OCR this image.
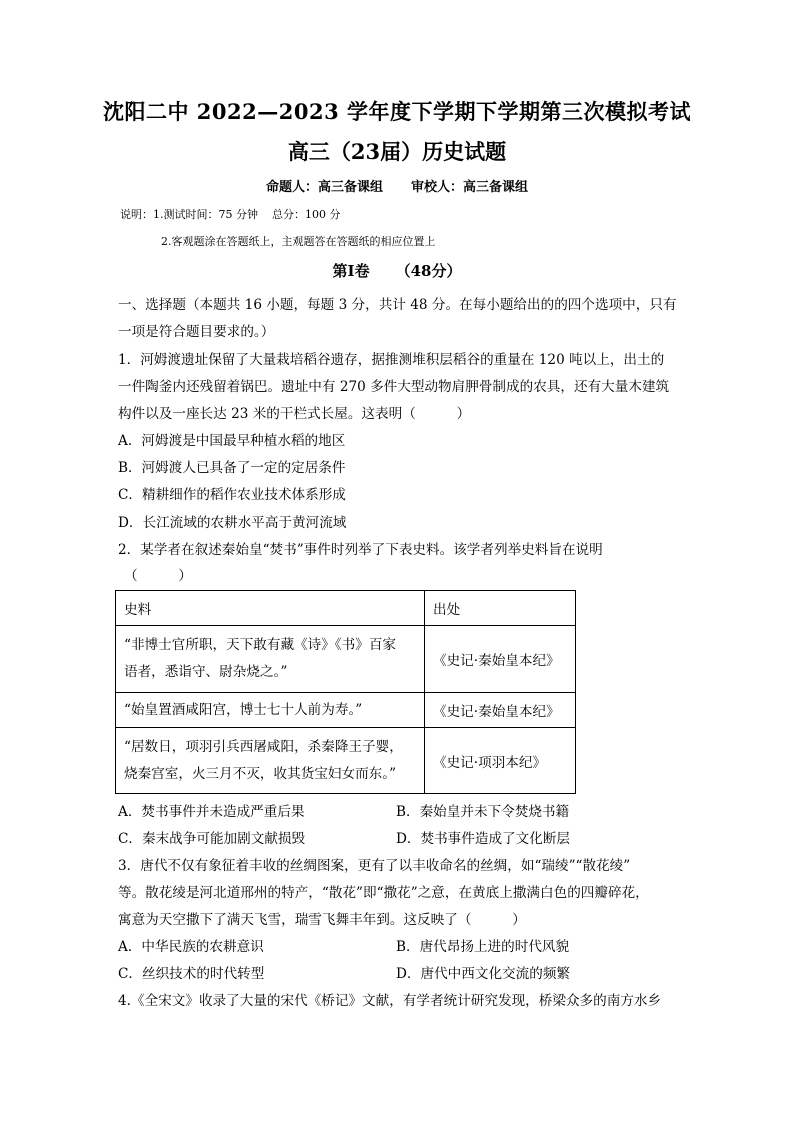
沈阳二中 2022—2023 学年度下学期下学期第三次模拟考试
高三（23届）历史试题
命题人：高三备课组 审校人：高三备课组
说明：1.测试时间：75 分钟    总分：100 分
2.客观题涂在答题纸上，主观题答在答题纸的相应位置上
第Ⅰ卷 （48分）
一、选择题（本题共 16 小题，每题 3 分，共计 48 分。在每小题给出的的四个选项中，只有
一项是符合题目要求的。）
1．河姆渡遗址保留了大量栽培稻谷遗存，据推测堆积层稻谷的重量在 120 吨以上，出土的
一件陶釜内还残留着锅巴。遗址中有 270 多件大型动物肩胛骨制成的农具，还有大量木建筑
构件以及一座长达 23 米的干栏式长屋。这表明（　　　）
A．河姆渡是中国最早种植水稻的地区
B．河姆渡人已具备了一定的定居条件
C．精耕细作的稻作农业技术体系形成
D．长江流域的农耕水平高于黄河流域
2．某学者在叙述秦始皇“焚书”事件时列举了下表史料。该学者列举史料旨在说明
（　　　）
史料	出处

“非博士官所职，天下敢有藏《诗》《书》百家
语者，悉诣守、尉杂烧之。”	《史记·秦始皇本纪》

“始皇置酒咸阳宫，博士七十人前为寿。”	《史记·秦始皇本纪》

“居数日，项羽引兵西屠咸阳，杀秦降王子婴，
烧秦宫室，火三月不灭，收其货宝妇女而东。”	《史记·项羽本纪》
A．焚书事件并未造成严重后果	B．秦始皇并未下令焚烧书籍
C．秦末战争可能加剧文献损毁	D．焚书事件造成了文化断层
3．唐代不仅有象征着丰收的丝绸图案，更有了以丰收命名的丝绸，如“瑞绫”“散花绫”
等。散花绫是河北道邢州的特产，“散花”即“撒花”之意，在黄底上撒满白色的四瓣碎花，
寓意为天空撒下了满天飞雪，瑞雪飞舞丰年到。这反映了（　　　）
A．中华民族的农耕意识	B．唐代昂扬上进的时代风貌
C．丝织技术的时代转型	D．唐代中西文化交流的频繁
4.《全宋文》收录了大量的宋代《桥记》文献，有学者统计研究发现，桥梁众多的南方水乡
